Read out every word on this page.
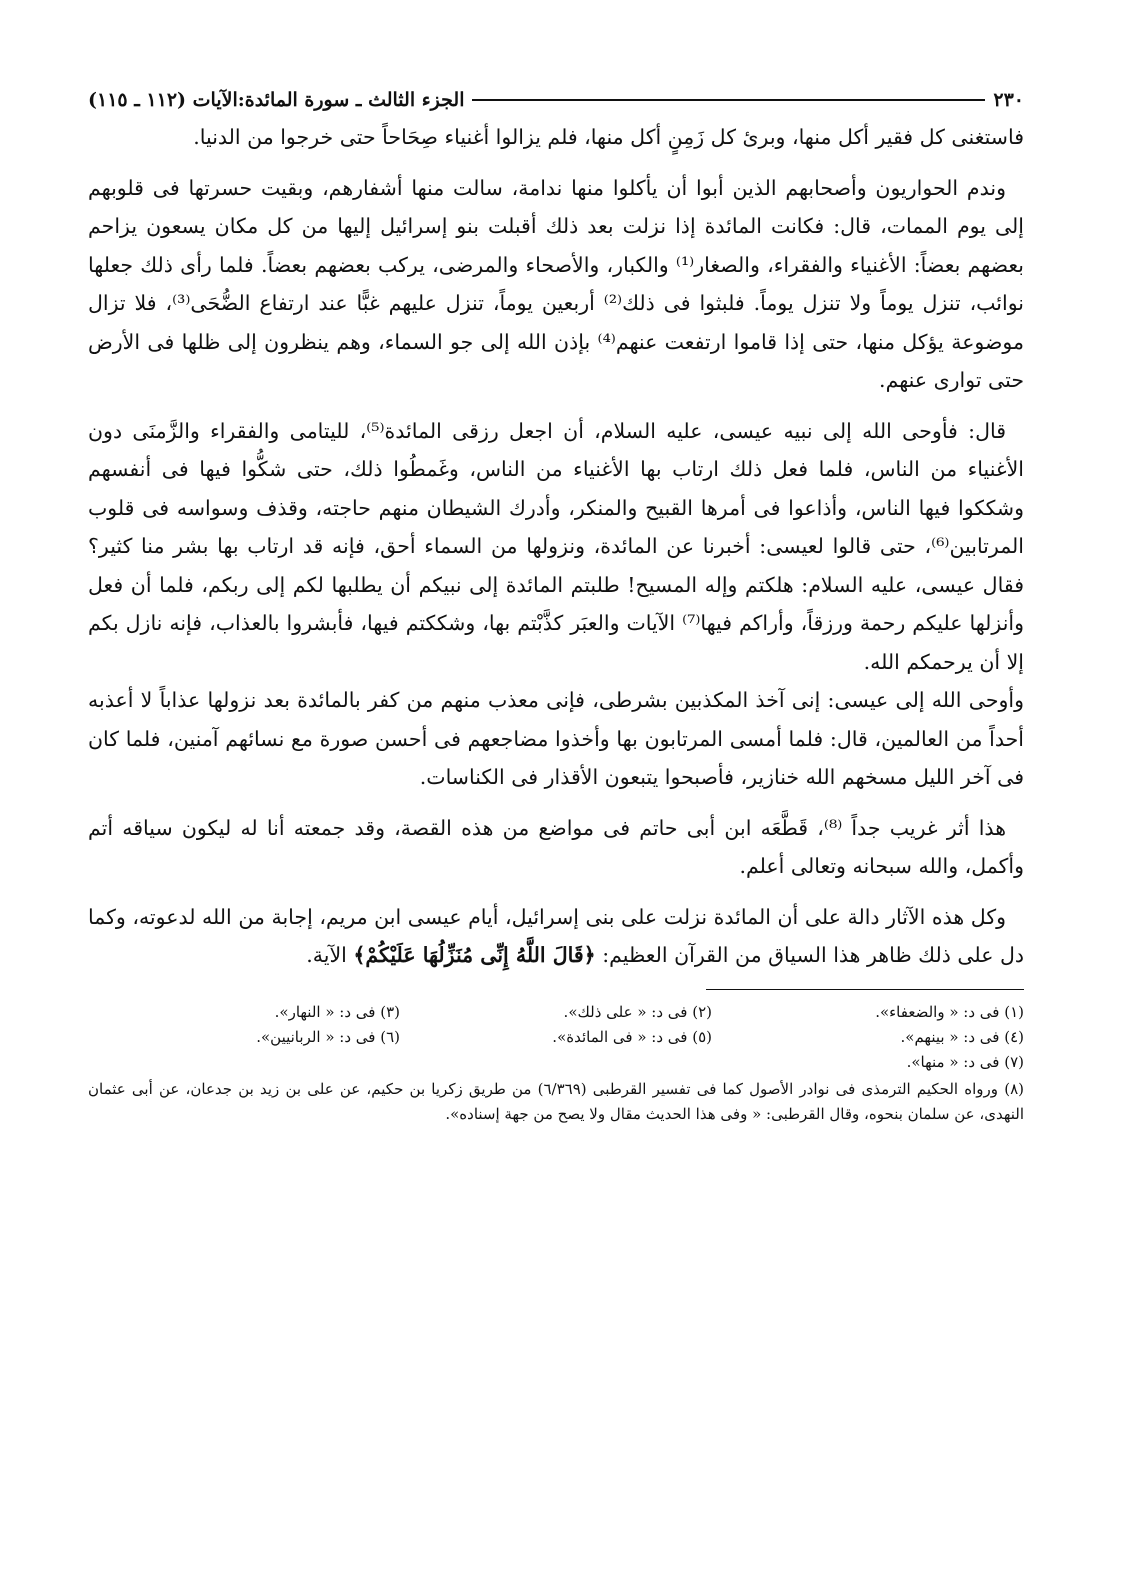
٢٣٠
الجزء الثالث ـ سورة المائدة:الآيات (١١٢ ـ ١١٥)

فاستغنى كل فقير أكل منها، وبرئ كل زَمِنٍ أكل منها، فلم يزالوا أغنياء صِحَاحاً حتى خرجوا من الدنيا.

وندم الحواريون وأصحابهم الذين أبوا أن يأكلوا منها ندامة، سالت منها أشفارهم، وبقيت حسرتها فى قلوبهم إلى يوم الممات، قال: فكانت المائدة إذا نزلت بعد ذلك أقبلت بنو إسرائيل إليها من كل مكان يسعون يزاحم بعضهم بعضاً: الأغنياء والفقراء، والصغار⁽¹⁾ والكبار، والأصحاء والمرضى، يركب بعضهم بعضاً. فلما رأى ذلك جعلها نوائب، تنزل يوماً ولا تنزل يوماً. فلبثوا فى ذلك⁽²⁾ أربعين يوماً، تنزل عليهم غبًّا عند ارتفاع الضُّحَى⁽³⁾، فلا تزال موضوعة يؤكل منها، حتى إذا قاموا ارتفعت عنهم⁽⁴⁾ بإذن الله إلى جو السماء، وهم ينظرون إلى ظلها فى الأرض حتى توارى عنهم.

قال: فأوحى الله إلى نبيه عيسى، عليه السلام، أن اجعل رزقى المائدة⁽⁵⁾، لليتامى والفقراء والزَّمنَى دون الأغنياء من الناس، فلما فعل ذلك ارتاب بها الأغنياء من الناس، وغَمطُوا ذلك، حتى شكُّوا فيها فى أنفسهم وشككوا فيها الناس، وأذاعوا فى أمرها القبيح والمنكر، وأدرك الشيطان منهم حاجته، وقذف وسواسه فى قلوب المرتابين⁽⁶⁾، حتى قالوا لعيسى: أخبرنا عن المائدة، ونزولها من السماء أحق، فإنه قد ارتاب بها بشر منا كثير؟ فقال عيسى، عليه السلام: هلكتم وإله المسيح! طلبتم المائدة إلى نبيكم أن يطلبها لكم إلى ربكم، فلما أن فعل وأنزلها عليكم رحمة ورزقاً، وأراكم فيها⁽⁷⁾ الآيات والعبَر كذَّبْتم بها، وشككتم فيها، فأبشروا بالعذاب، فإنه نازل بكم إلا أن يرحمكم الله.

وأوحى الله إلى عيسى: إنى آخذ المكذبين بشرطى، فإنى معذب منهم من كفر بالمائدة بعد نزولها عذاباً لا أعذبه أحداً من العالمين، قال: فلما أمسى المرتابون بها وأخذوا مضاجعهم فى أحسن صورة مع نسائهم آمنين، فلما كان فى آخر الليل مسخهم الله خنازير، فأصبحوا يتبعون الأقذار فى الكناسات.

هذا أثر غريب جداً ⁽⁸⁾، قَطَّعَه ابن أبى حاتم فى مواضع من هذه القصة، وقد جمعته أنا له ليكون سياقه أتم وأكمل، والله سبحانه وتعالى أعلم.

وكل هذه الآثار دالة على أن المائدة نزلت على بنى إسرائيل، أيام عيسى ابن مريم، إجابة من الله لدعوته، وكما دل على ذلك ظاهر هذا السياق من القرآن العظيم: ﴿قَالَ اللَّهُ إِنِّى مُنَزِّلُهَا عَلَيْكُمْ﴾ الآية.

(١) فى د: « والضعفاء».
(٢) فى د: « على ذلك».
(٣) فى د: « النهار».
(٤) فى د: « بينهم».
(٥) فى د: « فى المائدة».
(٦) فى د: « الربانيين».
(٧) فى د: « منها».
(٨) ورواه الحكيم الترمذى فى نوادر الأصول كما فى تفسير القرطبى (٦/٣٦٩) من طريق زكريا بن حكيم، عن على بن زيد بن جدعان، عن أبى عثمان النهدى، عن سلمان بنحوه، وقال القرطبى: « وفى هذا الحديث مقال ولا يصح من جهة إسناده».
